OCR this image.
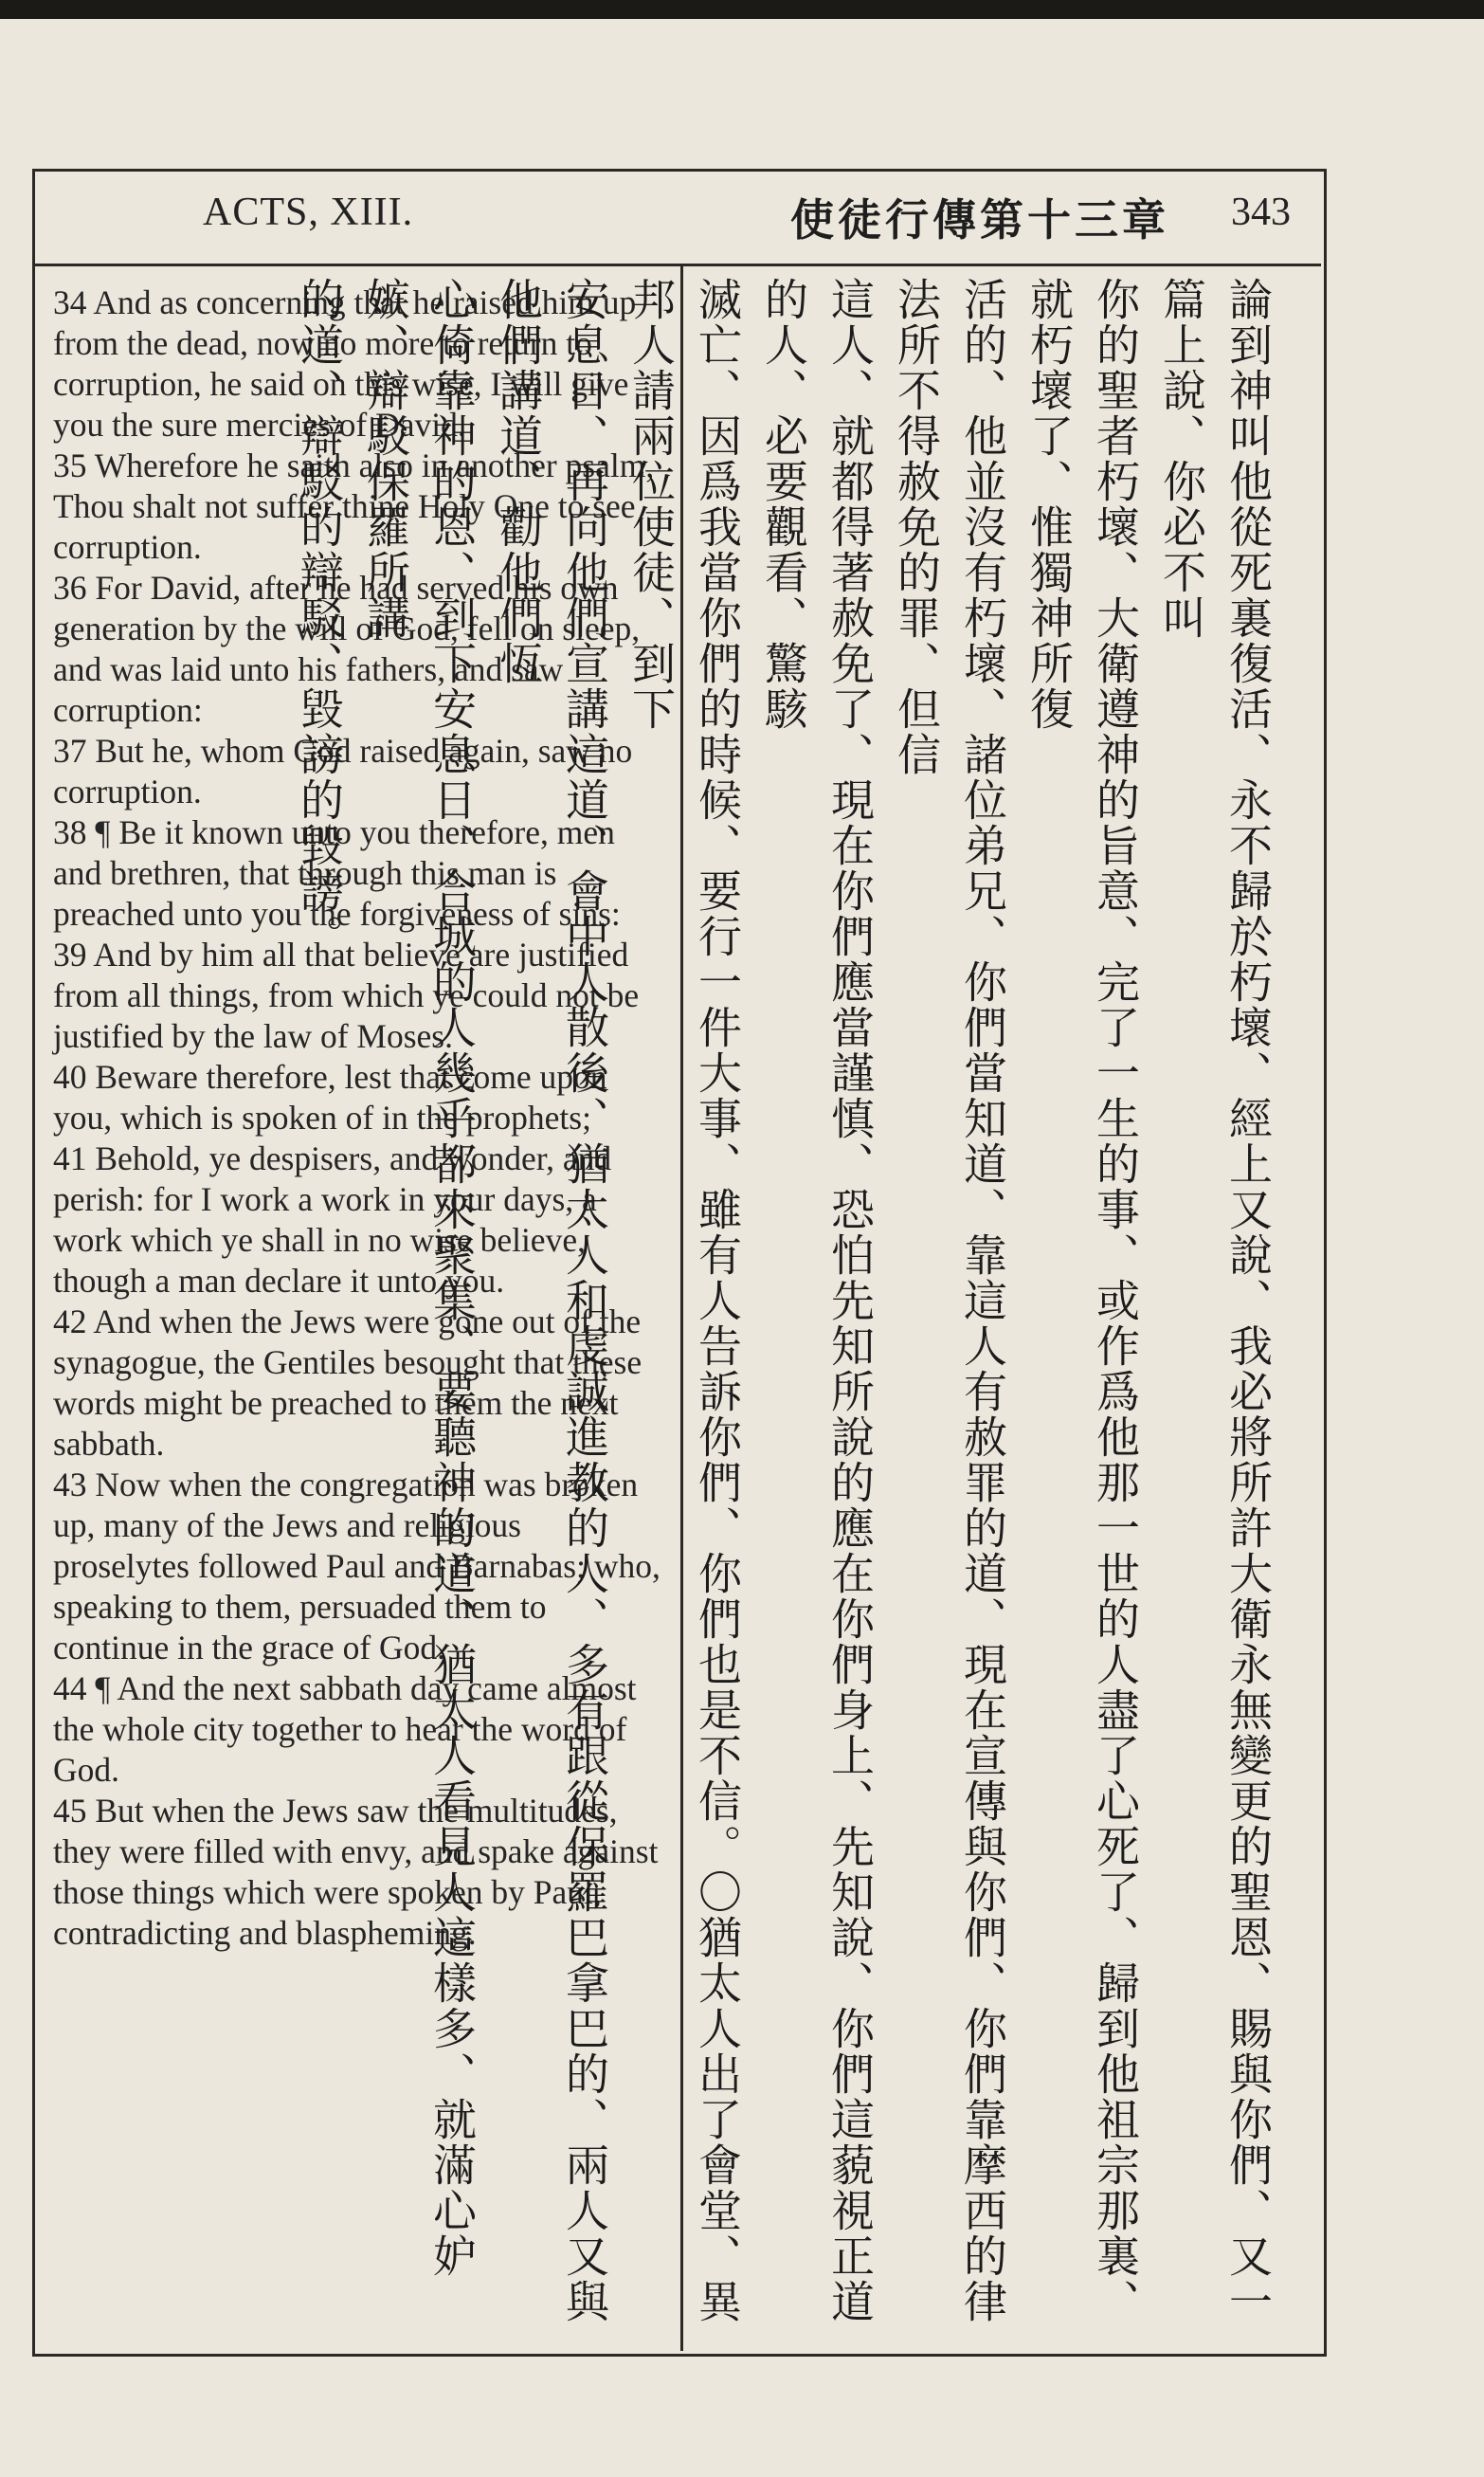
ACTS, XIII.	使徒行傳第十三章 343

34 And as concerning that he raised him up from the dead, now no more to return to corruption, he said on this wise, I will give you the sure mercies of David.

35 Wherefore he saith also in another psalm, Thou shalt not suffer thine Holy One to see corruption.

36 For David, after he had served his own generation by the will of God, fell on sleep, and was laid unto his fathers, and saw corruption:

37 But he, whom God raised again, saw no corruption.

38 ¶ Be it known unto you therefore, men and brethren, that through this man is preached unto you the forgiveness of sins:

39 And by him all that believe are justified from all things, from which ye could not be justified by the law of Moses.

40 Beware therefore, lest that come upon you, which is spoken of in the prophets;

41 Behold, ye despisers, and wonder, and perish: for I work a work in your days, a work which ye shall in no wise believe, though a man declare it unto you.

42 And when the Jews were gone out of the synagogue, the Gentiles besought that these words might be preached to them the next sabbath.

43 Now when the congregation was broken up, many of the Jews and religious proselytes followed Paul and Barnabas; who, speaking to them, persuaded them to continue in the grace of God.

44 ¶ And the next sabbath day came almost the whole city together to hear the word of God.

45 But when the Jews saw the multitudes, they were filled with envy, and spake against those things which were spoken by Paul, contradicting and blaspheming.	論到神叫他從死裏復活、永不歸於朽壞、經上又說、我必將所許大衛永無變更的聖恩、賜與你們、又一篇上說、你必不叫
你的聖者朽壞、大衛遵神的旨意、完了一生的事、或作爲他那一世的人盡了心死了、歸到他祖宗那裏、就朽壞了、惟獨神所復
活的、他並沒有朽壞、諸位弟兄、你們當知道、靠這人有赦罪的道、現在宣傳與你們、你們靠摩西的律法所不得赦免的罪、但信
這人、就都得著赦免了、現在你們應當謹慎、恐怕先知所說的應在你們身上、先知說、你們這藐視正道的人、必要觀看、驚駭
滅亡、因爲我當你們的時候、要行一件大事、雖有人告訴你們、你們也是不信。〇猶太人出了會堂、異邦人請兩位使徒、到下
安息日、再向他們宣講這道、會中人散後、猶太人和虔誠進教的人、多有跟從保羅巴拿巴的、兩人又與他們講道、勸他們恆
心倚靠神的恩、到下安息日、合城的人幾乎都來聚集、要聽神的道、猶太人看見人這樣多、就滿心妒嫉、辯駁保羅所講
的道、辯駁的辯駁、毀謗的毀謗。
